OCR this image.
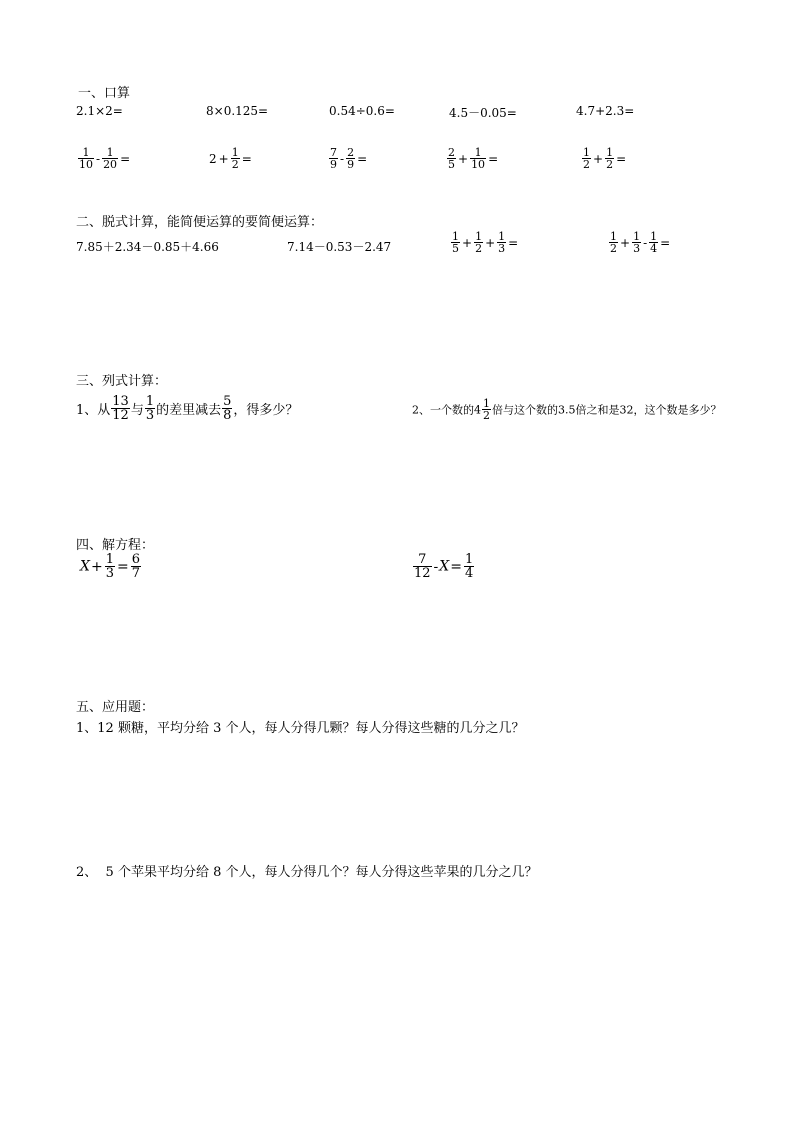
一、口算
2.1×2=	8×0.125=	0.54÷0.6=	4.5－0.05=	4.7+2.3=
$\frac{1}{10} - \frac{1}{20}$ =	$2 + \frac{1}{2}$ =	$\frac{7}{9} - \frac{2}{9}$ =	$\frac{2}{5} + \frac{1}{10}$ =	$\frac{1}{2} + \frac{1}{2}$ =
二、脱式计算，能简便运算的要简便运算：
7.85＋2.34－0.85＋4.66	7.14－0.53－2.47	$\frac{1}{5} + \frac{1}{2} + \frac{1}{3}$ =	$\frac{1}{2} + \frac{1}{3} - \frac{1}{4}$ =
三、列式计算：
1、从 $\frac{13}{12}$ 与 $\frac{1}{3}$ 的差里减去 $\frac{5}{8}$ ，得多少？	2、一个数的$4 \frac{1}{2}$ 倍与这个数的3.5倍之和是32，这个数是多少？
四、解方程：
$X+ \frac{1}{3} = \frac{6}{7}$	$\frac{7}{12} -X= \frac{1}{4}$
五、应用题：
1、12 颗糖，平均分给 3 个人，每人分得几颗？每人分得这些糖的几分之几？
2、  5 个苹果平均分给 8 个人，每人分得几个？每人分得这些苹果的几分之几？
